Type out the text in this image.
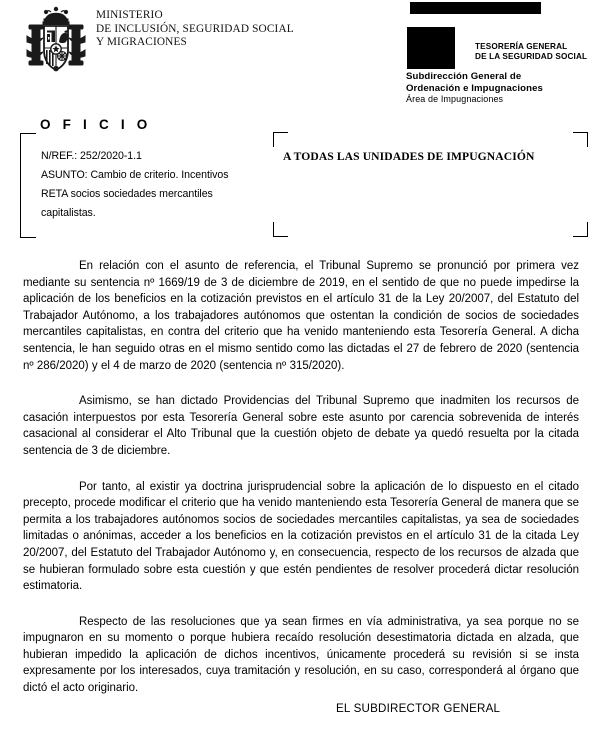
MINISTERIO
DE INCLUSIÓN, SEGURIDAD SOCIAL
Y MIGRACIONES	TESORERÍA GENERAL
DE LA SEGURIDAD SOCIAL
Subdirección General de
Ordenación e Impugnaciones
Área de Impugnaciones
O F I C I O
N/REF.: 252/2020-1.1
ASUNTO: Cambio de criterio. Incentivos
RETA socios sociedades mercantiles
capitalistas.
A TODAS LAS UNIDADES DE IMPUGNACIÓN

En relación con el asunto de referencia, el Tribunal Supremo se pronunció por primera vez mediante su sentencia nº 1669/19 de 3 de diciembre de 2019, en el sentido de que no puede impedirse la aplicación de los beneficios en la cotización previstos en el artículo 31 de la Ley 20/2007, del Estatuto del Trabajador Autónomo, a los trabajadores autónomos que ostentan la condición de socios de sociedades mercantiles capitalistas, en contra del criterio que ha venido manteniendo esta Tesorería General. A dicha sentencia, le han seguido otras en el mismo sentido como las dictadas el 27 de febrero de 2020 (sentencia nº 286/2020) y el 4 de marzo de 2020 (sentencia nº 315/2020).

Asimismo, se han dictado Providencias del Tribunal Supremo que inadmiten los recursos de casación interpuestos por esta Tesorería General sobre este asunto por carencia sobrevenida de interés casacional al considerar el Alto Tribunal que la cuestión objeto de debate ya quedó resuelta por la citada sentencia de 3 de diciembre.

Por tanto, al existir ya doctrina jurisprudencial sobre la aplicación de lo dispuesto en el citado precepto, procede modificar el criterio que ha venido manteniendo esta Tesorería General de manera que se permita a los trabajadores autónomos socios de sociedades mercantiles capitalistas, ya sea de sociedades limitadas o anónimas, acceder a los beneficios en la cotización previstos en el artículo 31 de la citada Ley 20/2007, del Estatuto del Trabajador Autónomo y, en consecuencia, respecto de los recursos de alzada que se hubieran formulado sobre esta cuestión y que estén pendientes de resolver procederá dictar resolución estimatoria.

Respecto de las resoluciones que ya sean firmes en vía administrativa, ya sea porque no se impugnaron en su momento o porque hubiera recaído resolución desestimatoria dictada en alzada, que hubieran impedido la aplicación de dichos incentivos, únicamente procederá su revisión si se insta expresamente por los interesados, cuya tramitación y resolución, en su caso, corresponderá al órgano que dictó el acto originario.

EL SUBDIRECTOR GENERAL
